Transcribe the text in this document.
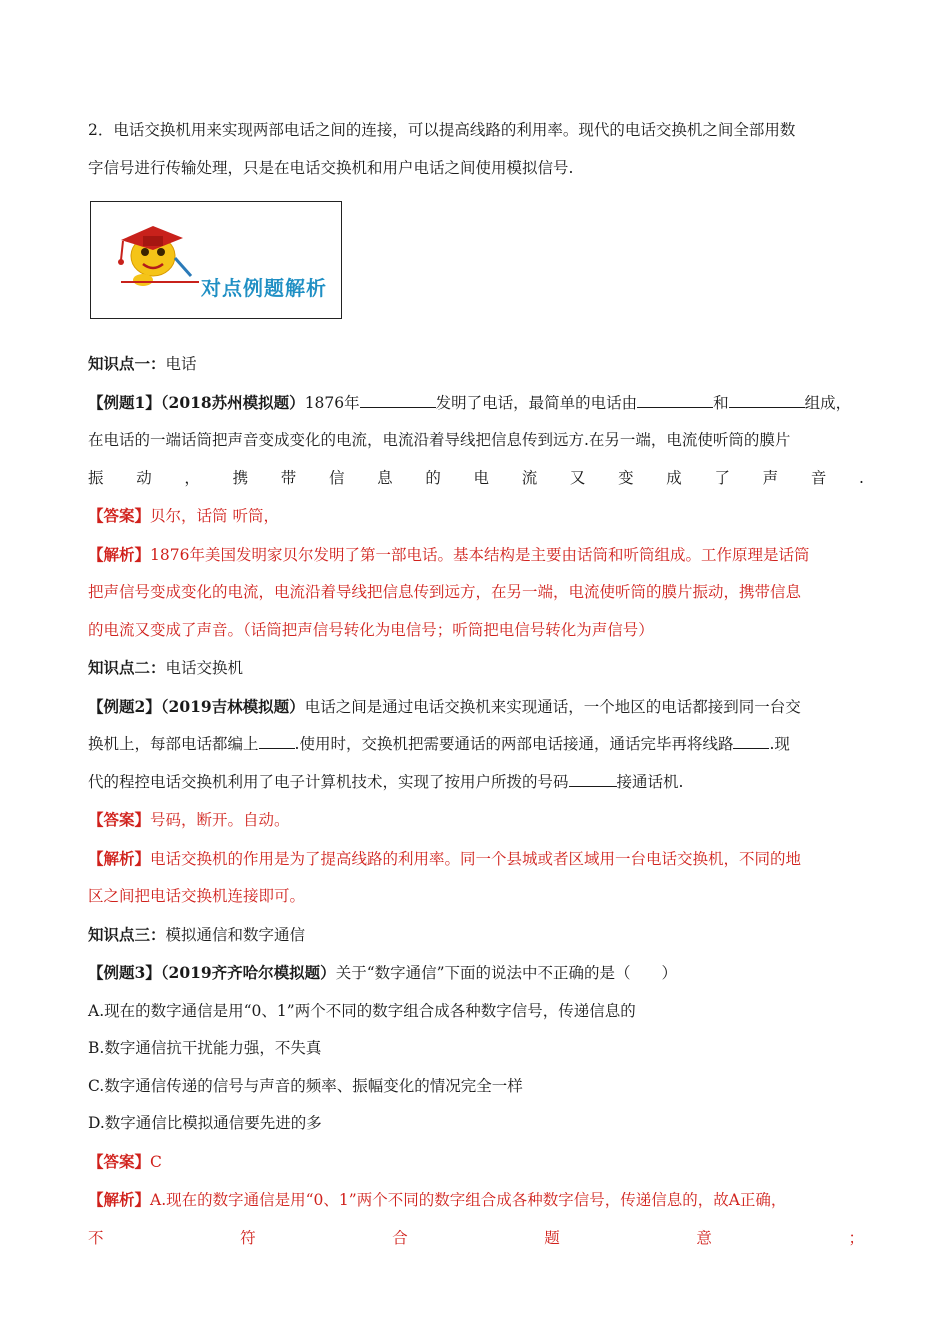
2．电话交换机用来实现两部电话之间的连接，可以提高线路的利用率。现代的电话交换机之间全部用数

字信号进行传输处理，只是在电话交换机和用户电话之间使用模拟信号.

对点例题解析

知识点一：电话

【例题1】（2018苏州模拟题）1876年	发明了电话，最简单的电话由	和	组成，

在电话的一端话筒把声音变成变化的电流，电流沿着导线把信息传到远方.在另一端，电流使听筒的膜片

振 动 ， 携 带 信 息 的 电 流 又 变 成 了 声 音 .

【答案】贝尔，话筒 听筒，

【解析】1876年美国发明家贝尔发明了第一部电话。基本结构是主要由话筒和听筒组成。工作原理是话筒

把声信号变成变化的电流，电流沿着导线把信息传到远方，在另一端，电流使听筒的膜片振动，携带信息

的电流又变成了声音。（话筒把声信号转化为电信号；听筒把电信号转化为声信号）

知识点二：电话交换机

【例题2】（2019吉林模拟题）电话之间是通过电话交换机来实现通话，一个地区的电话都接到同一台交

换机上，每部电话都编上 .使用时，交换机把需要通话的两部电话接通，通话完毕再将线路 .现

代的程控电话交换机利用了电子计算机技术，实现了按用户所拨的号码	接通话机.

【答案】号码，断开。自动。

【解析】电话交换机的作用是为了提高线路的利用率。同一个县城或者区域用一台电话交换机，不同的地

区之间把电话交换机连接即可。

知识点三：模拟通信和数字通信

【例题3】（2019齐齐哈尔模拟题）关于“数字通信”下面的说法中不正确的是（　　）

A.现在的数字通信是用“0、1”两个不同的数字组合成各种数字信号，传递信息的

B.数字通信抗干扰能力强，不失真

C.数字通信传递的信号与声音的频率、振幅变化的情况完全一样

D.数字通信比模拟通信要先进的多

【答案】C

【解析】A.现在的数字通信是用“0、1”两个不同的数字组合成各种数字信号，传递信息的，故A正确，

不	符	合	题	意	；
